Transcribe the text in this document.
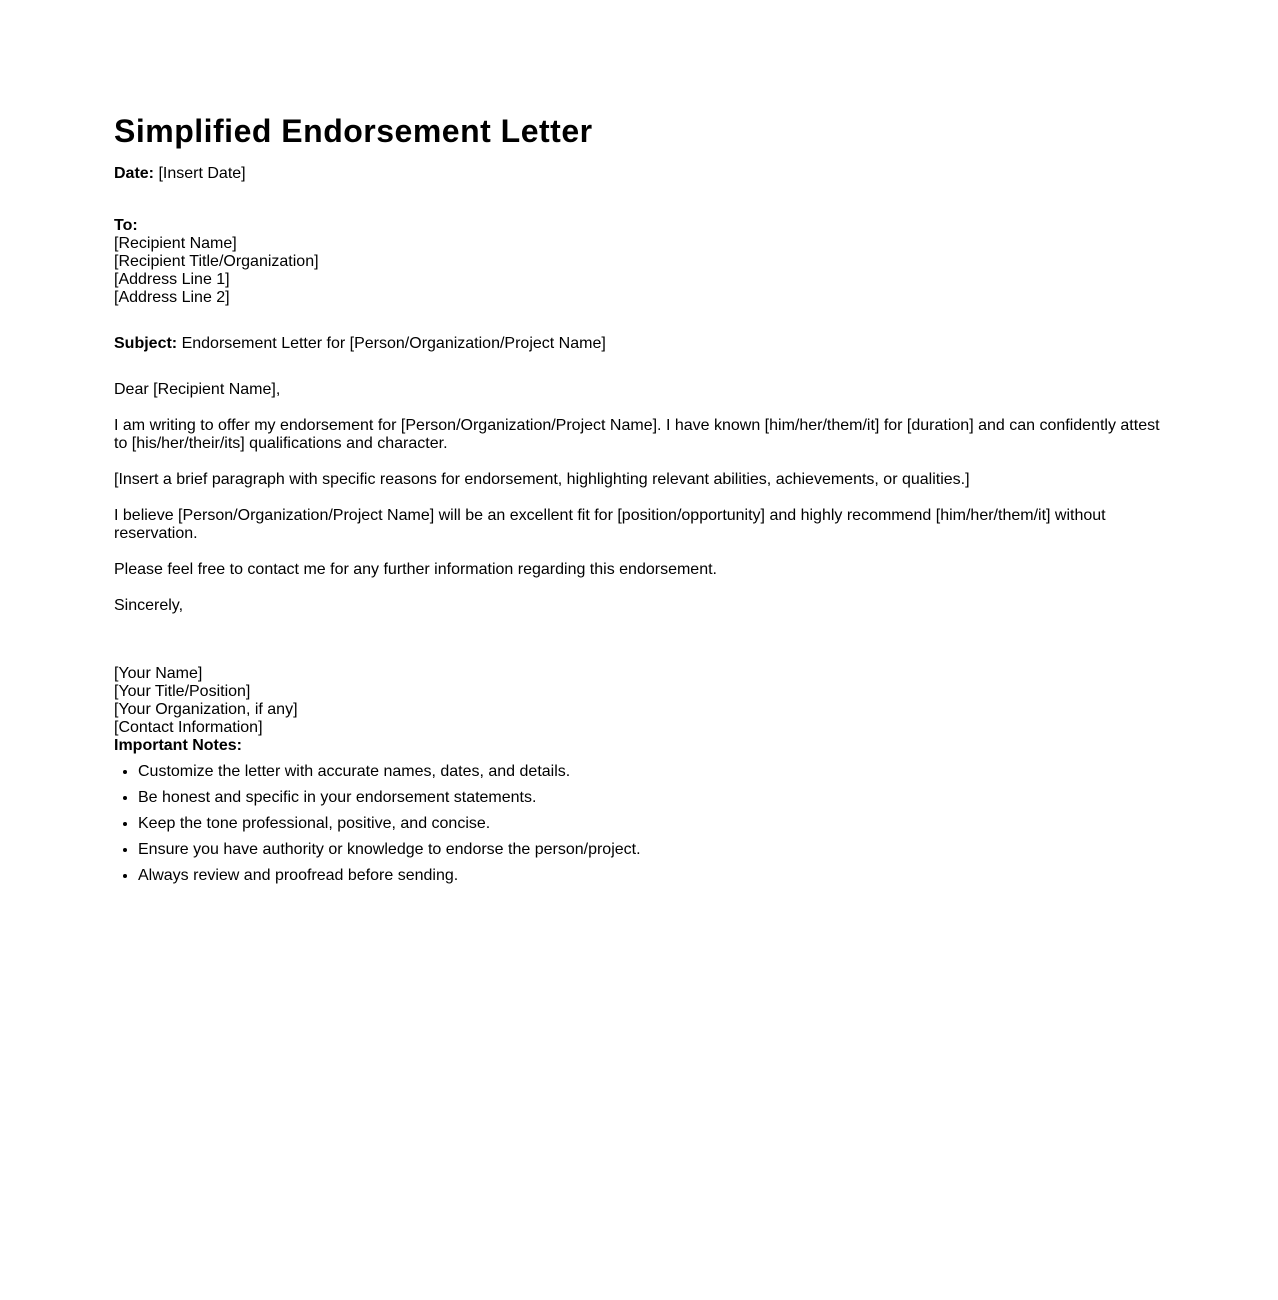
Simplified Endorsement Letter
Date: [Insert Date]
To:
[Recipient Name]
[Recipient Title/Organization]
[Address Line 1]
[Address Line 2]
Subject: Endorsement Letter for [Person/Organization/Project Name]
Dear [Recipient Name],
I am writing to offer my endorsement for [Person/Organization/Project Name]. I have known [him/her/them/it] for [duration] and can confidently attest to [his/her/their/its] qualifications and character.
[Insert a brief paragraph with specific reasons for endorsement, highlighting relevant abilities, achievements, or qualities.]
I believe [Person/Organization/Project Name] will be an excellent fit for [position/opportunity] and highly recommend [him/her/them/it] without reservation.
Please feel free to contact me for any further information regarding this endorsement.
Sincerely,
[Your Name]
[Your Title/Position]
[Your Organization, if any]
[Contact Information]
Important Notes:
• Customize the letter with accurate names, dates, and details.
• Be honest and specific in your endorsement statements.
• Keep the tone professional, positive, and concise.
• Ensure you have authority or knowledge to endorse the person/project.
• Always review and proofread before sending.
